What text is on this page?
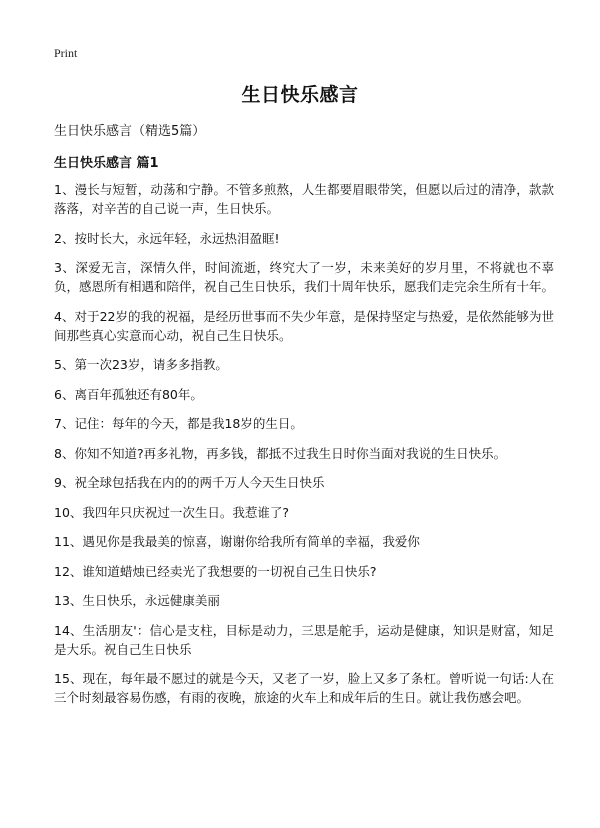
Print
生日快乐感言
生日快乐感言（精选5篇）
生日快乐感言 篇1
1、漫长与短暂，动荡和宁静。不管多煎熬，人生都要眉眼带笑，但愿以后过的清净，款款落落，对辛苦的自己说一声，生日快乐。
2、按时长大，永远年轻，永远热泪盈眶!
3、深爱无言，深情久伴，时间流逝，终究大了一岁，未来美好的岁月里，不将就也不辜负，感恩所有相遇和陪伴，祝自己生日快乐，我们十周年快乐，愿我们走完余生所有十年。
4、对于22岁的我的祝福，是经历世事而不失少年意，是保持坚定与热爱，是依然能够为世间那些真心实意而心动，祝自己生日快乐。
5、第一次23岁，请多多指教。
6、离百年孤独还有80年。
7、记住：每年的今天，都是我18岁的生日。
8、你知不知道?再多礼物，再多钱，都抵不过我生日时你当面对我说的生日快乐。
9、祝全球包括我在内的的两千万人今天生日快乐
10、我四年只庆祝过一次生日。我惹谁了?
11、遇见你是我最美的惊喜，谢谢你给我所有简单的幸福，我爱你
12、谁知道蜡烛已经卖光了我想要的一切祝自己生日快乐?
13、生日快乐，永远健康美丽
14、生活朋友'：信心是支柱，目标是动力，三思是舵手，运动是健康，知识是财富，知足是大乐。祝自己生日快乐
15、现在，每年最不愿过的就是今天，又老了一岁，脸上又多了条杠。曾听说一句话:人在三个时刻最容易伤感，有雨的夜晚，旅途的火车上和成年后的生日。就让我伤感会吧。
